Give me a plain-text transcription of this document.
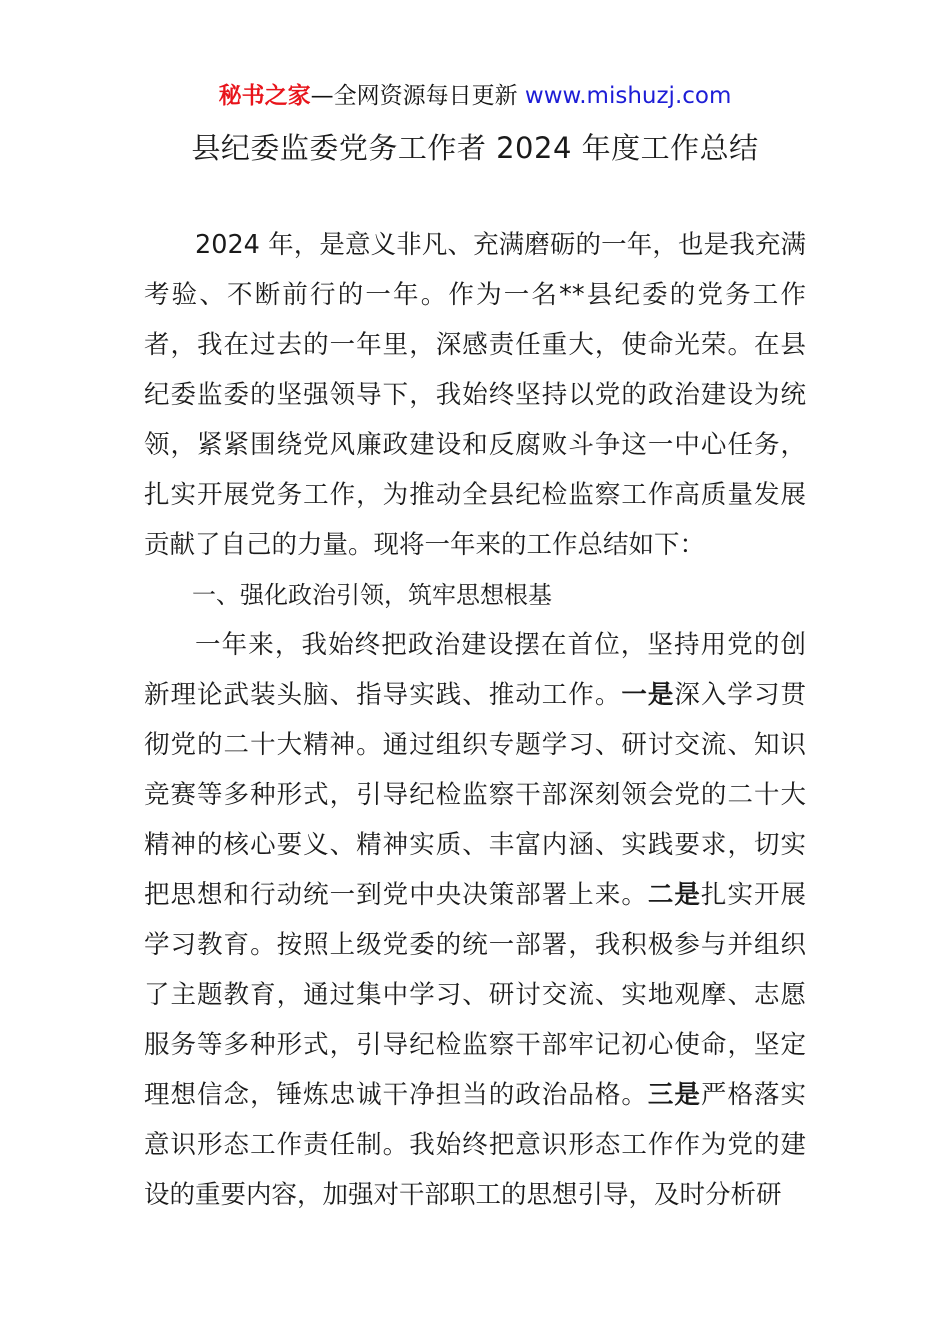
秘书之家—全网资源每日更新 www.mishuzj.com
县纪委监委党务工作者 2024 年度工作总结

2024 年，是意义非凡、充满磨砺的一年，也是我充满考验、不断前行的一年。作为一名**县纪委的党务工作者，我在过去的一年里，深感责任重大，使命光荣。在县纪委监委的坚强领导下，我始终坚持以党的政治建设为统领，紧紧围绕党风廉政建设和反腐败斗争这一中心任务，扎实开展党务工作，为推动全县纪检监察工作高质量发展贡献了自己的力量。现将一年来的工作总结如下：

一、强化政治引领，筑牢思想根基

一年来，我始终把政治建设摆在首位，坚持用党的创新理论武装头脑、指导实践、推动工作。一是深入学习贯彻党的二十大精神。通过组织专题学习、研讨交流、知识竞赛等多种形式，引导纪检监察干部深刻领会党的二十大精神的核心要义、精神实质、丰富内涵、实践要求，切实把思想和行动统一到党中央决策部署上来。二是扎实开展学习教育。按照上级党委的统一部署，我积极参与并组织了主题教育，通过集中学习、研讨交流、实地观摩、志愿服务等多种形式，引导纪检监察干部牢记初心使命，坚定理想信念，锤炼忠诚干净担当的政治品格。三是严格落实意识形态工作责任制。我始终把意识形态工作作为党的建设的重要内容，加强对干部职工的思想引导，及时分析研
